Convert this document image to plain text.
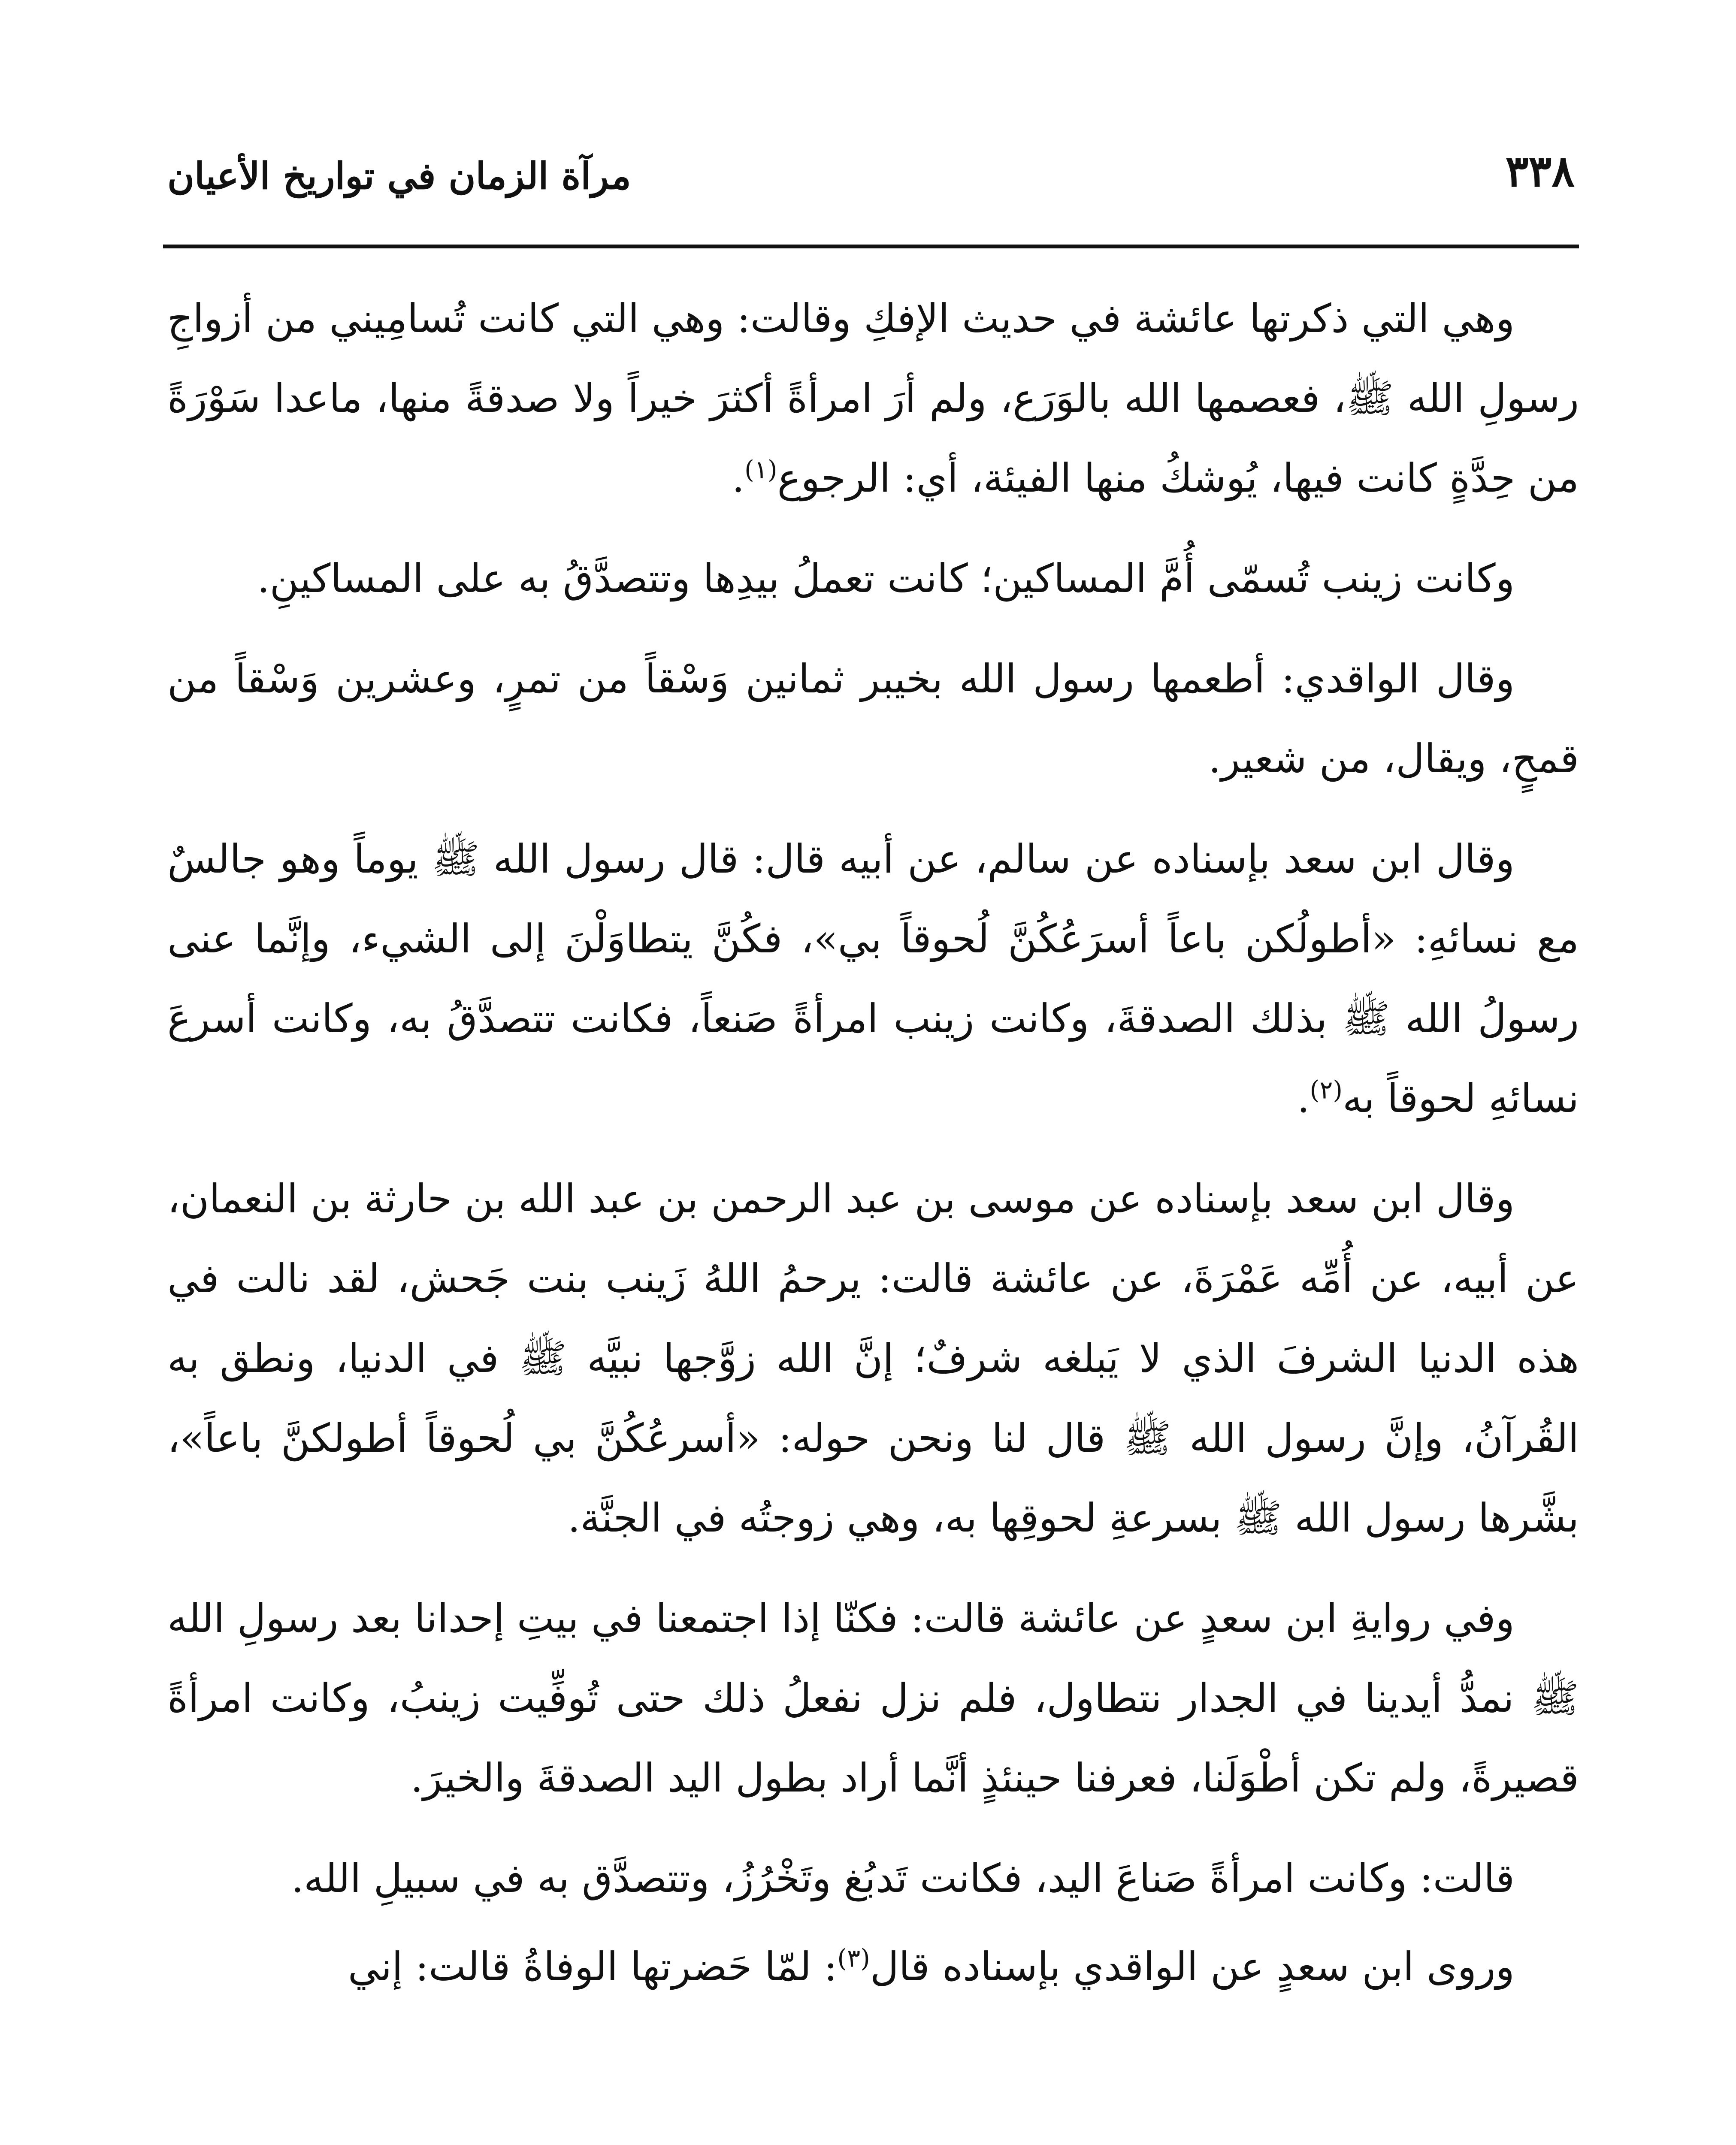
٣٣٨
مرآة الزمان في تواريخ الأعيان

وهي التي ذكرتها عائشة في حديث الإفكِ وقالت: وهي التي كانت تُسامِيني من أزواجِ رسولِ الله ﷺ، فعصمها الله بالوَرَع، ولم أرَ امرأةً أكثرَ خيراً ولا صدقةً منها، ماعدا سَوْرَةً من حِدَّةٍ كانت فيها، يُوشكُ منها الفيئة، أي: الرجوع$^{(١)}$.

وكانت زينب تُسمّى أُمَّ المساكين؛ كانت تعملُ بيدِها وتتصدَّقُ به على المساكينِ.

وقال الواقدي: أطعمها رسول الله بخيبر ثمانين وَسْقاً من تمرٍ، وعشرين وَسْقاً من قمحٍ، ويقال، من شعير.

وقال ابن سعد بإسناده عن سالم، عن أبيه قال: قال رسول الله ﷺ يوماً وهو جالسٌ مع نسائهِ: «أطولُكن باعاً أسرَعُكُنَّ لُحوقاً بي»، فكُنَّ يتطاوَلْنَ إلى الشيء، وإنَّما عنى رسولُ الله ﷺ بذلك الصدقةَ، وكانت زينب امرأةً صَنعاً، فكانت تتصدَّقُ به، وكانت أسرعَ نسائهِ لحوقاً به$^{(٢)}$.

وقال ابن سعد بإسناده عن موسى بن عبد الرحمن بن عبد الله بن حارثة بن النعمان، عن أبيه، عن أُمِّه عَمْرَةَ، عن عائشة قالت: يرحمُ اللهُ زَينب بنت جَحش، لقد نالت في هذه الدنيا الشرفَ الذي لا يَبلغه شرفٌ؛ إنَّ الله زوَّجها نبيَّه ﷺ في الدنيا، ونطق به القُرآنُ، وإنَّ رسول الله ﷺ قال لنا ونحن حوله: «أسرعُكُنَّ بي لُحوقاً أطولكنَّ باعاً»، بشَّرها رسول الله ﷺ بسرعةِ لحوقِها به، وهي زوجتُه في الجنَّة.

وفي روايةِ ابن سعدٍ عن عائشة قالت: فكنّا إذا اجتمعنا في بيتِ إحدانا بعد رسولِ الله ﷺ نمدُّ أيدينا في الجدار نتطاول، فلم نزل نفعلُ ذلك حتى تُوفِّيت زينبُ، وكانت امرأةً قصيرةً، ولم تكن أطْوَلَنا، فعرفنا حينئذٍ أنَّما أراد بطول اليد الصدقةَ والخيرَ.

قالت: وكانت امرأةً صَناعَ اليد، فكانت تَدبُغ وتَخْرُزُ، وتتصدَّق به في سبيلِ الله.

وروى ابن سعدٍ عن الواقدي بإسناده قال$^{(٣)}$: لمّا حَضرتها الوفاةُ قالت: إني
